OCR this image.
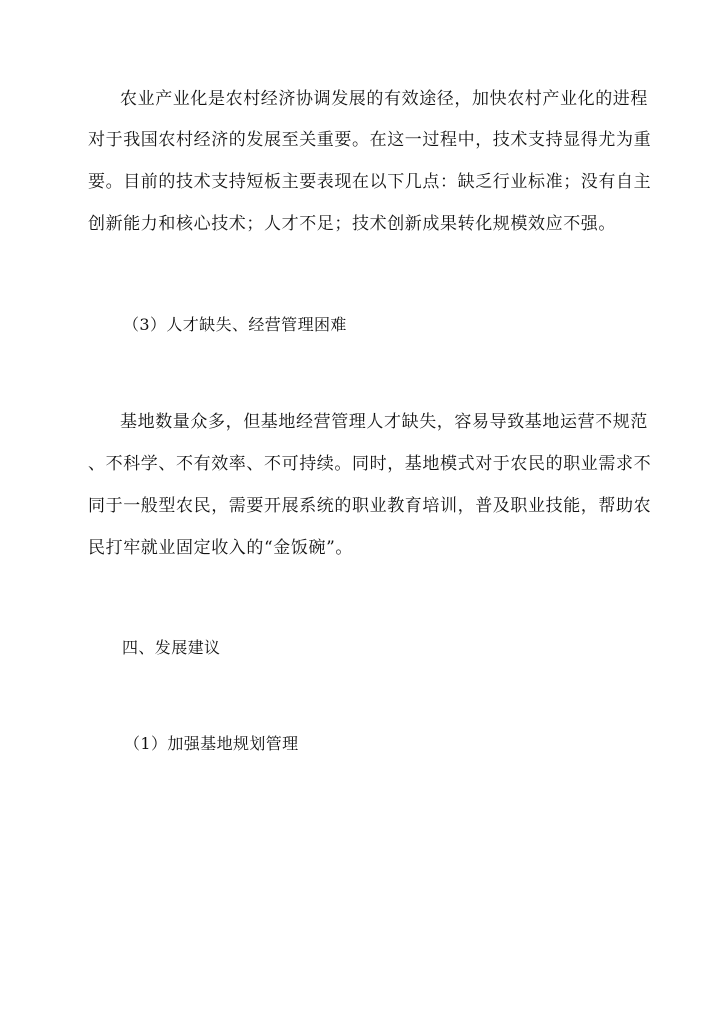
农业产业化是农村经济协调发展的有效途径，加快农村产业化的进程
对于我国农村经济的发展至关重要。在这一过程中，技术支持显得尤为重
要。目前的技术支持短板主要表现在以下几点：缺乏行业标准；没有自主
创新能力和核心技术；人才不足；技术创新成果转化规模效应不强。
（3）人才缺失、经营管理困难
基地数量众多，但基地经营管理人才缺失，容易导致基地运营不规范
、不科学、不有效率、不可持续。同时，基地模式对于农民的职业需求不
同于一般型农民，需要开展系统的职业教育培训，普及职业技能，帮助农
民打牢就业固定收入的“金饭碗”。
四、发展建议
（1）加强基地规划管理
